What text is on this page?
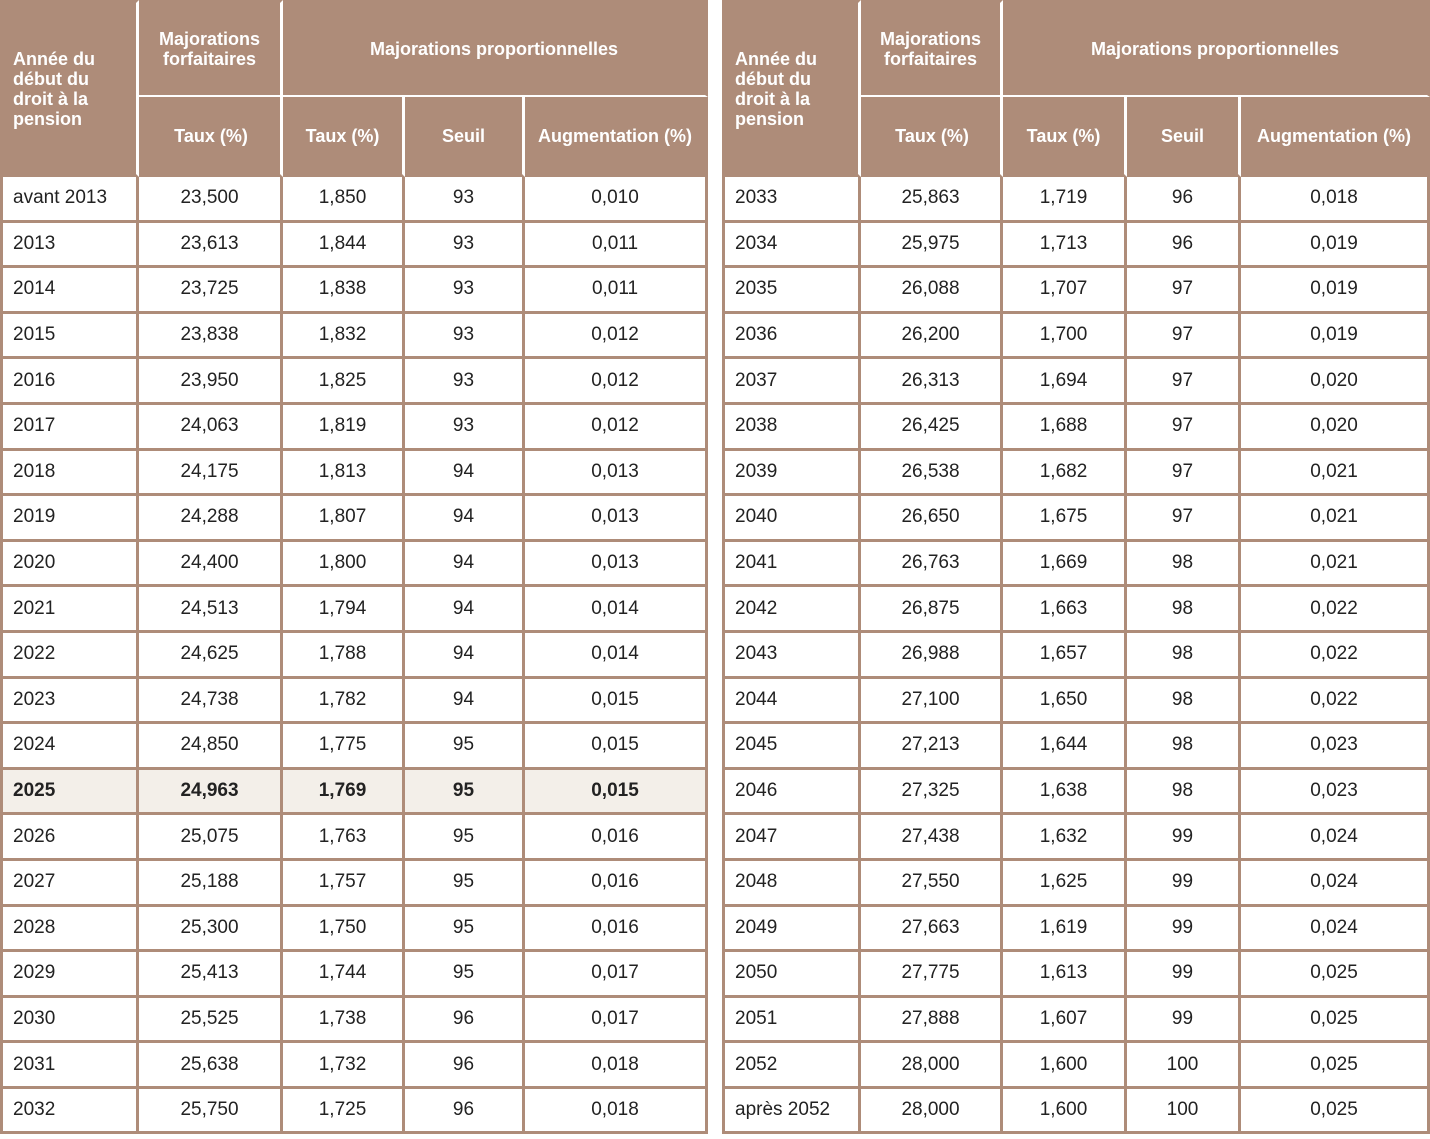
Année du début du droit à la pension	Majorations forfaitaires	Majorations proportionnelles		
	Taux (%)	Taux (%)	Seuil	Augmentation (%)
avant 2013	23,500	1,850	93	0,010
2013	23,613	1,844	93	0,011
2014	23,725	1,838	93	0,011
2015	23,838	1,832	93	0,012
2016	23,950	1,825	93	0,012
2017	24,063	1,819	93	0,012
2018	24,175	1,813	94	0,013
2019	24,288	1,807	94	0,013
2020	24,400	1,800	94	0,013
2021	24,513	1,794	94	0,014
2022	24,625	1,788	94	0,014
2023	24,738	1,782	94	0,015
2024	24,850	1,775	95	0,015
2025	24,963	1,769	95	0,015
2026	25,075	1,763	95	0,016
2027	25,188	1,757	95	0,016
2028	25,300	1,750	95	0,016
2029	25,413	1,744	95	0,017
2030	25,525	1,738	96	0,017
2031	25,638	1,732	96	0,018
2032	25,750	1,725	96	0,018
Année du début du droit à la pension	Majorations forfaitaires	Majorations proportionnelles		
	Taux (%)	Taux (%)	Seuil	Augmentation (%)
2033	25,863	1,719	96	0,018
2034	25,975	1,713	96	0,019
2035	26,088	1,707	97	0,019
2036	26,200	1,700	97	0,019
2037	26,313	1,694	97	0,020
2038	26,425	1,688	97	0,020
2039	26,538	1,682	97	0,021
2040	26,650	1,675	97	0,021
2041	26,763	1,669	98	0,021
2042	26,875	1,663	98	0,022
2043	26,988	1,657	98	0,022
2044	27,100	1,650	98	0,022
2045	27,213	1,644	98	0,023
2046	27,325	1,638	98	0,023
2047	27,438	1,632	99	0,024
2048	27,550	1,625	99	0,024
2049	27,663	1,619	99	0,024
2050	27,775	1,613	99	0,025
2051	27,888	1,607	99	0,025
2052	28,000	1,600	100	0,025
après 2052	28,000	1,600	100	0,025
